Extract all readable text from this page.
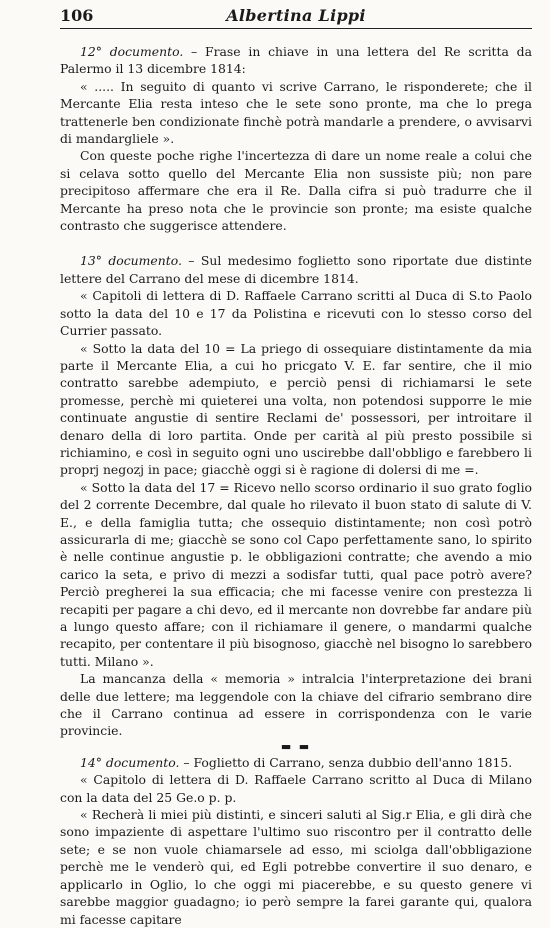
106	Albertina Lippi

12° documento. – Frase in chiave in una lettera del Re scritta da Palermo il 13 dicembre 1814:

« ..... In seguito di quanto vi scrive Carrano, le risponderete; che il Mercante Elia resta inteso che le sete sono pronte, ma che lo prega trattenerle ben condizionate finchè potrà mandarle a prendere, o avvisarvi di mandargliele ».

Con queste poche righe l'incertezza di dare un nome reale a colui che si celava sotto quello del Mercante Elia non sussiste più; non pare precipitoso affermare che era il Re. Dalla cifra si può tradurre che il Mercante ha preso nota che le provincie son pronte; ma esiste qualche contrasto che suggerisce attendere.

13° documento. – Sul medesimo foglietto sono riportate due distinte lettere del Carrano del mese di dicembre 1814.

« Capitoli di lettera di D. Raffaele Carrano scritti al Duca di S.to Paolo sotto la data del 10 e 17 da Polistina e ricevuti con lo stesso corso del Currier passato.

« Sotto la data del 10 = La priego di ossequiare distintamente da mia parte il Mercante Elia, a cui ho pricgato V. E. far sentire, che il mio contratto sarebbe adempiuto, e perciò pensi di richiamarsi le sete promesse, perchè mi quieterei una volta, non potendosi supporre le mie continuate angustie di sentire Reclami de' possessori, per introitare il denaro della di loro partita. Onde per carità al più presto possibile si richiamino, e così in seguito ogni uno uscirebbe dall'obbligo e farebbero li proprj negozj in pace; giacchè oggi si è ragione di dolersi di me =.

« Sotto la data del 17 = Ricevo nello scorso ordinario il suo grato foglio del 2 corrente Decembre, dal quale ho rilevato il buon stato di salute di V. E., e della famiglia tutta; che ossequio distintamente; non così potrò assicurarla di me; giacchè se sono col Capo perfettamente sano, lo spirito è nelle continue angustie p. le obbligazioni contratte; che avendo a mio carico la seta, e privo di mezzi a sodisfar tutti, qual pace potrò avere? Perciò pregherei la sua efficacia; che mi facesse venire con prestezza li recapiti per pagare a chi devo, ed il mercante non dovrebbe far andare più a lungo questo affare; con il richiamare il genere, o mandarmi qualche recapito, per contentare il più bisognoso, giacchè nel bisogno lo sarebbero tutti. Milano ».

La mancanza della « memoria » intralcia l'interpretazione dei brani delle due lettere; ma leggendole con la chiave del cifrario sembrano dire che il Carrano continua ad essere in corrispondenza con le varie provincie.

▬ ▬

14° documento. – Foglietto di Carrano, senza dubbio dell'anno 1815.

« Capitolo di lettera di D. Raffaele Carrano scritto al Duca di Milano con la data del 25 Ge.o p. p.

« Recherà li miei più distinti, e sinceri saluti al Sig.r Elia, e gli dirà che sono impaziente di aspettare l'ultimo suo riscontro per il contratto delle sete; e se non vuole chiamarsele ad esso, mi sciolga dall'obbligazione perchè me le venderò qui, ed Egli potrebbe convertire il suo denaro, e applicarlo in Oglio, lo che oggi mi piacerebbe, e su questo genere vi sarebbe maggior guadagno; io però sempre la farei garante qui, qualora mi facesse capitare
